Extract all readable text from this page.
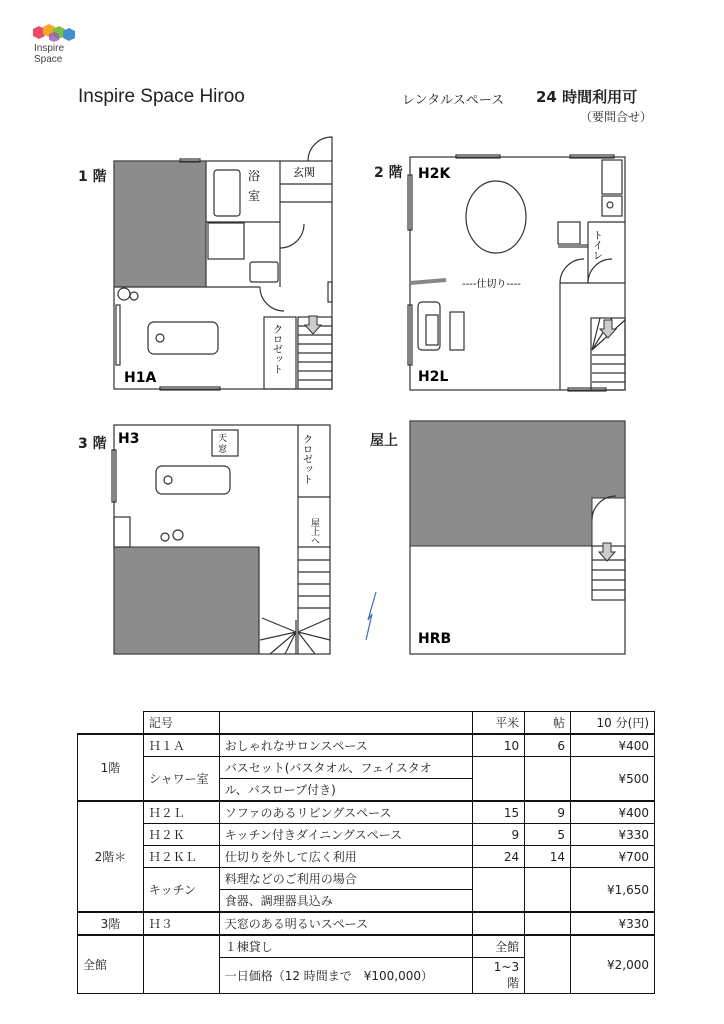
Inspire Space
Inspire Space Hiroo	レンタルスペース 24 時間利用可
（要問合せ）
1 階	2 階
3 階	屋上
浴
室
玄関
クロゼット
H1A
トイレ
----仕切り----
H2K
H2L
天
窓	クロゼット
屋上へ
H3
HRB
	記号		平米	帖	10 分(円)
1階	Ｈ１Ａ	おしゃれなサロンスペース	10	6	¥400
	シャワー室	バスセット(バスタオル、フェイスタオ			¥500
		ル、バスローブ付き)			
2階＊	Ｈ２Ｌ	ソファのあるリビングスペース	15	9	¥400
	Ｈ２Ｋ	キッチン付きダイニングスペース	9	5	¥330
	Ｈ２ＫＬ	仕切りを外して広く利用	24	14	¥700
	キッチン	料理などのご利用の場合			¥1,650
		食器、調理器具込み			
3階	Ｈ３	天窓のある明るいスペース			¥330
全館		１棟貸し	全館		¥2,000
		一日価格（12 時間まで　¥100,000）	1~3 階		
